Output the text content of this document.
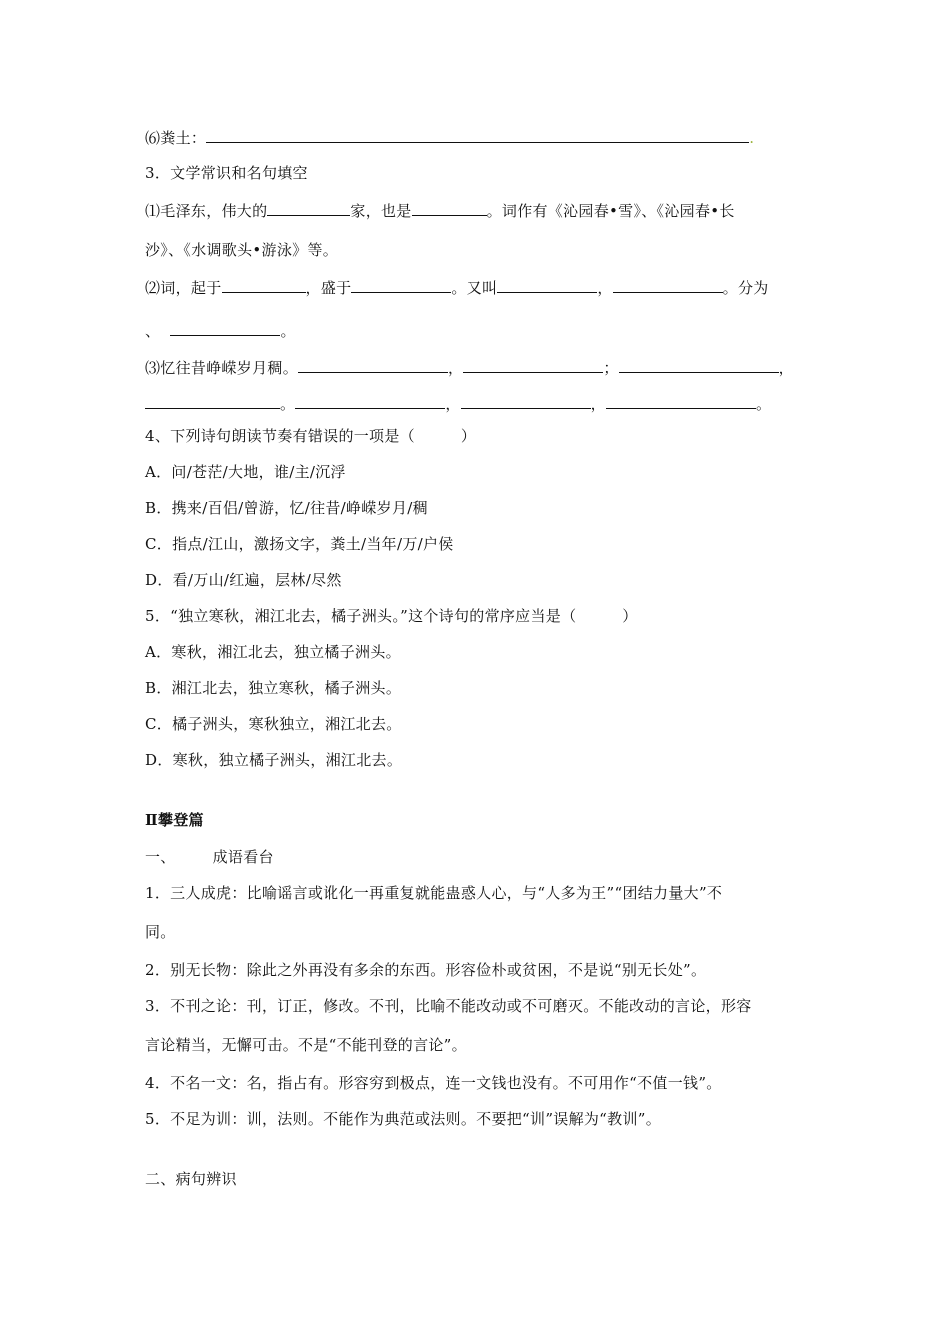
⑹粪土：	.
3．文学常识和名句填空
⑴毛泽东，伟大的	家，也是	。词作有《沁园春•雪》、《沁园春•长
沙》、《水调歌头•游泳》等。
⑵词，起于	，盛于	。又叫	，	。分为
、	。
⑶忆往昔峥嵘岁月稠。	，	；	，
。	，	，	。
4、下列诗句朗读节奏有错误的一项是（　　　）
A．问/苍茫/大地，谁/主/沉浮
B．携来/百侣/曾游，忆/往昔/峥嵘岁月/稠
C．指点/江山，激扬文字，粪土/当年/万/户侯
D．看/万山/红遍，层林/尽然
5．“独立寒秋，湘江北去，橘子洲头。”这个诗句的常序应当是（　　　）
A．寒秋，湘江北去，独立橘子洲头。
B．湘江北去，独立寒秋，橘子洲头。
C．橘子洲头，寒秋独立，湘江北去。
D．寒秋，独立橘子洲头，湘江北去。
Ⅱ攀登篇
一、 成语看台
1．三人成虎：比喻谣言或讹化一再重复就能蛊惑人心，与“人多为王”“团结力量大”不
同。
2．别无长物：除此之外再没有多余的东西。形容俭朴或贫困，不是说“别无长处”。
3．不刊之论：刊，订正，修改。不刊，比喻不能改动或不可磨灭。不能改动的言论，形容
言论精当，无懈可击。不是“不能刊登的言论”。
4．不名一文：名，指占有。形容穷到极点，连一文钱也没有。不可用作“不值一钱”。
5．不足为训：训，法则。不能作为典范或法则。不要把“训”误解为“教训”。
二、病句辨识
